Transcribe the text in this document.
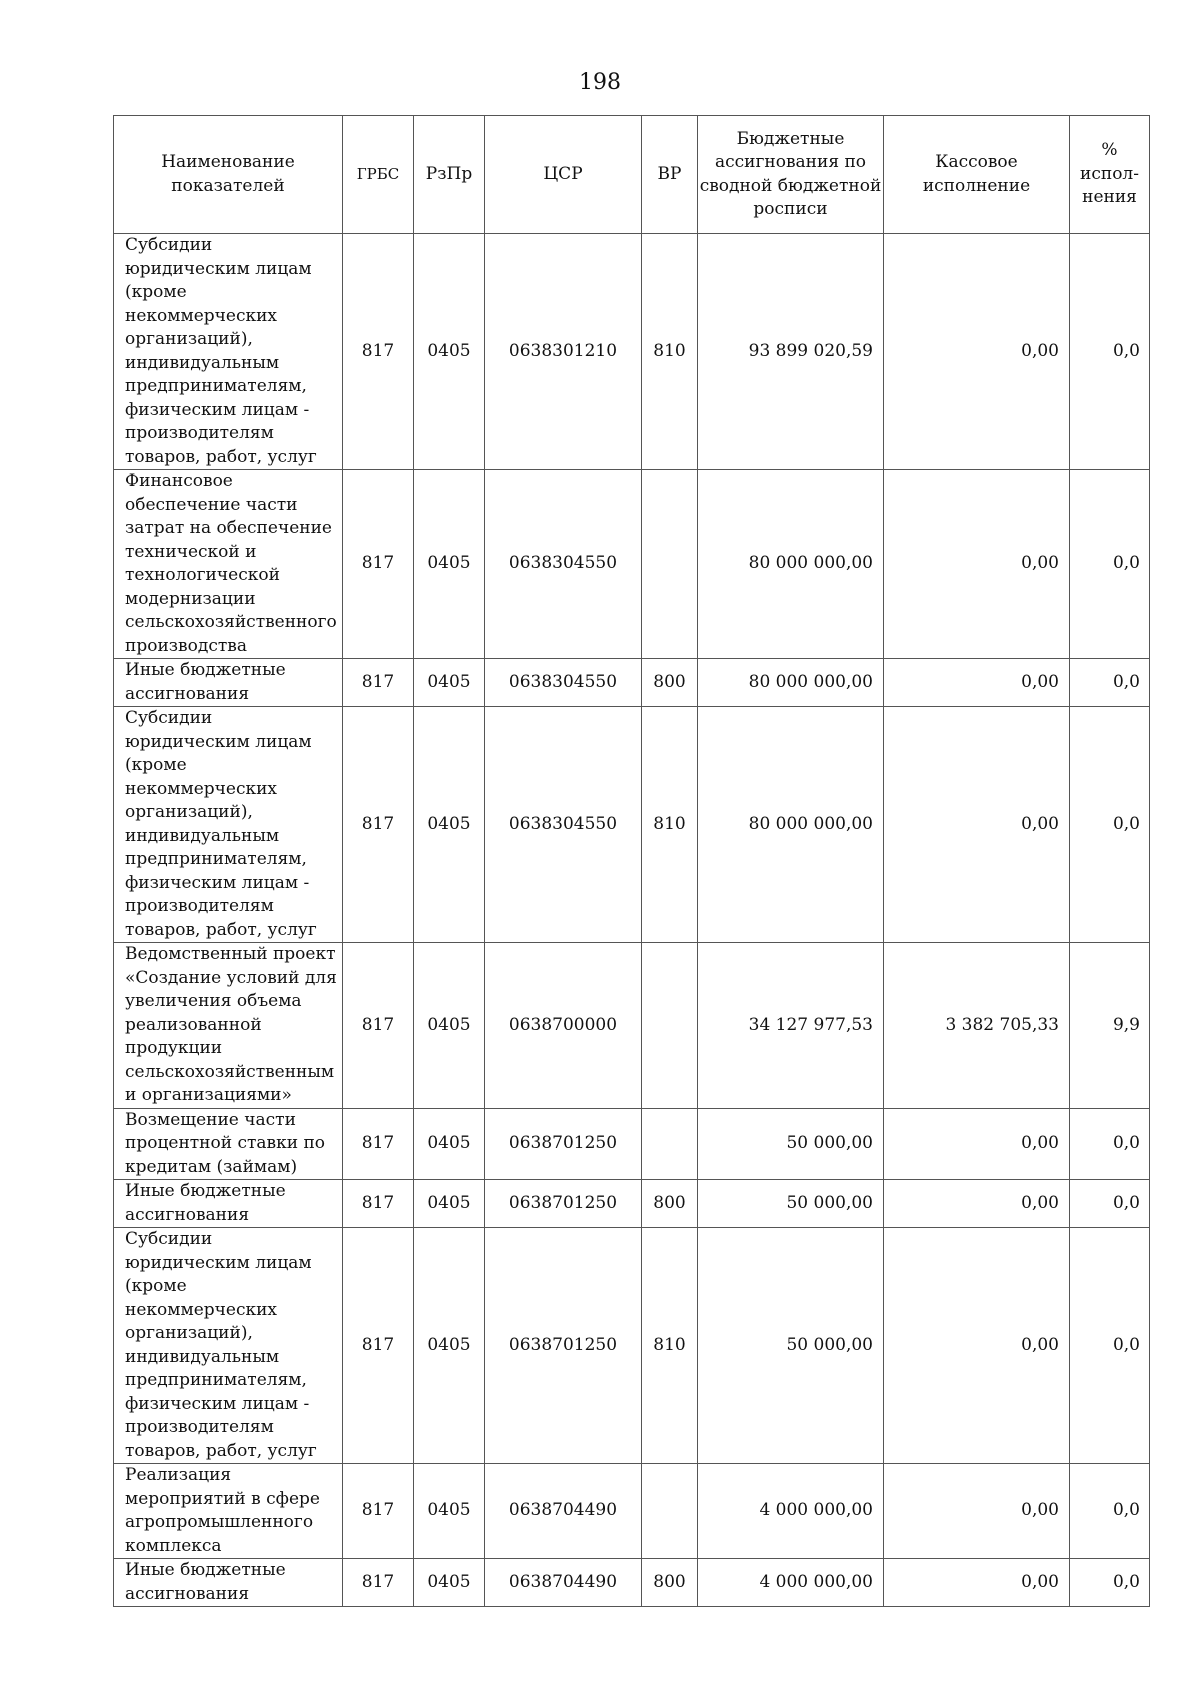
198
Наименование показателей	ГРБС	РзПр	ЦСР	ВР	Бюджетные ассигнования по сводной бюджетной росписи	Кассовое исполнение	% испол-нения
Субсидии юридическим лицам (кроме некоммерческих организаций), индивидуальным предпринимателям, физическим лицам - производителям товаров, работ, услуг	817	0405	0638301210	810	93 899 020,59	0,00	0,0
Финансовое обеспечение части затрат на обеспечение технической и технологической модернизации сельскохозяйственного производства	817	0405	0638304550		80 000 000,00	0,00	0,0
Иные бюджетные ассигнования	817	0405	0638304550	800	80 000 000,00	0,00	0,0
Субсидии юридическим лицам (кроме некоммерческих организаций), индивидуальным предпринимателям, физическим лицам - производителям товаров, работ, услуг	817	0405	0638304550	810	80 000 000,00	0,00	0,0
Ведомственный проект «Создание условий для увеличения объема реализованной продукции сельскохозяйственным и организациями»	817	0405	0638700000		34 127 977,53	3 382 705,33	9,9
Возмещение части процентной ставки по кредитам (займам)	817	0405	0638701250		50 000,00	0,00	0,0
Иные бюджетные ассигнования	817	0405	0638701250	800	50 000,00	0,00	0,0
Субсидии юридическим лицам (кроме некоммерческих организаций), индивидуальным предпринимателям, физическим лицам - производителям товаров, работ, услуг	817	0405	0638701250	810	50 000,00	0,00	0,0
Реализация мероприятий в сфере агропромышленного комплекса	817	0405	0638704490		4 000 000,00	0,00	0,0
Иные бюджетные ассигнования	817	0405	0638704490	800	4 000 000,00	0,00	0,0
